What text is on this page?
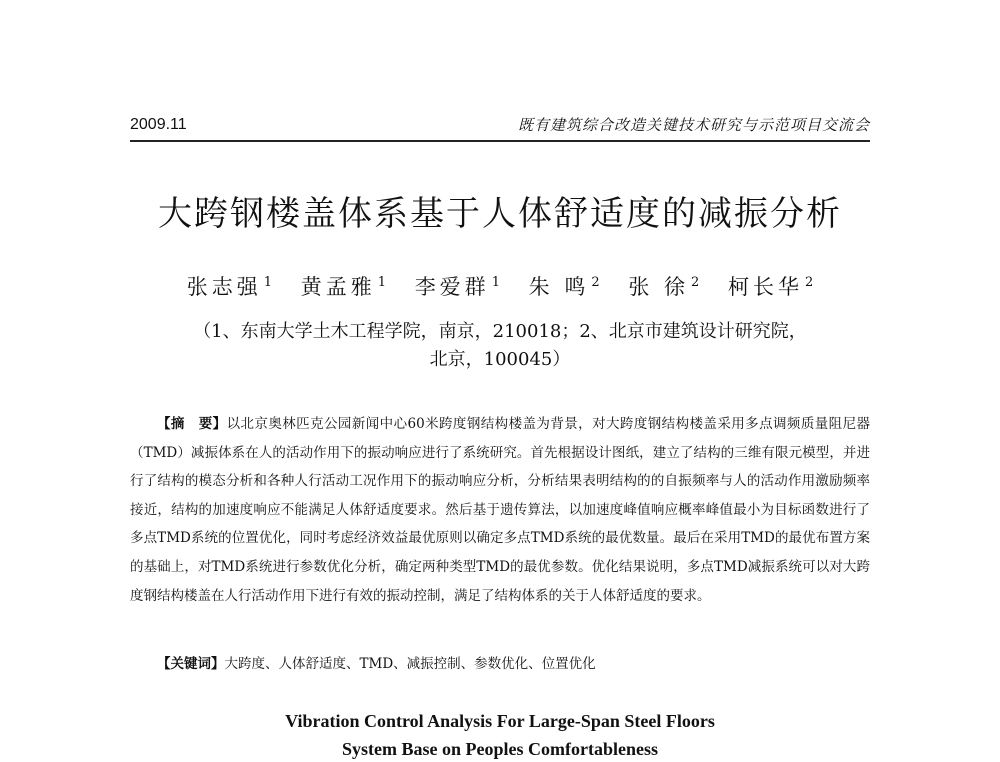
2009.11	既有建筑综合改造关键技术研究与示范项目交流会
大跨钢楼盖体系基于人体舒适度的减振分析
张志强 $^1$ 黄孟雅 $^1$ 李爱群 $^1$ 朱 鸣 $^2$ 张 徐 $^2$ 柯长华 $^2$
（1、东南大学土木工程学院，南京，210018；2、北京市建筑设计研究院，
北京，100045）

【摘　要】以北京奥林匹克公园新闻中心60米跨度钢结构楼盖为背景，对大跨度钢结构楼盖采用多点调频质量阻尼器（TMD）减振体系在人的活动作用下的振动响应进行了系统研究。首先根据设计图纸，建立了结构的三维有限元模型，并进行了结构的模态分析和各种人行活动工况作用下的振动响应分析，分析结果表明结构的的自振频率与人的活动作用激励频率接近，结构的加速度响应不能满足人体舒适度要求。然后基于遗传算法，以加速度峰值响应概率峰值最小为目标函数进行了多点TMD系统的位置优化，同时考虑经济效益最优原则以确定多点TMD系统的最优数量。最后在采用TMD的最优布置方案的基础上，对TMD系统进行参数优化分析，确定两种类型TMD的最优参数。优化结果说明，多点TMD减振系统可以对大跨度钢结构楼盖在人行活动作用下进行有效的振动控制，满足了结构体系的关于人体舒适度的要求。

【关键词】大跨度、人体舒适度、TMD、减振控制、参数优化、位置优化

Vibration Control Analysis For Large-Span Steel Floors
System Base on Peoples Comfortableness
